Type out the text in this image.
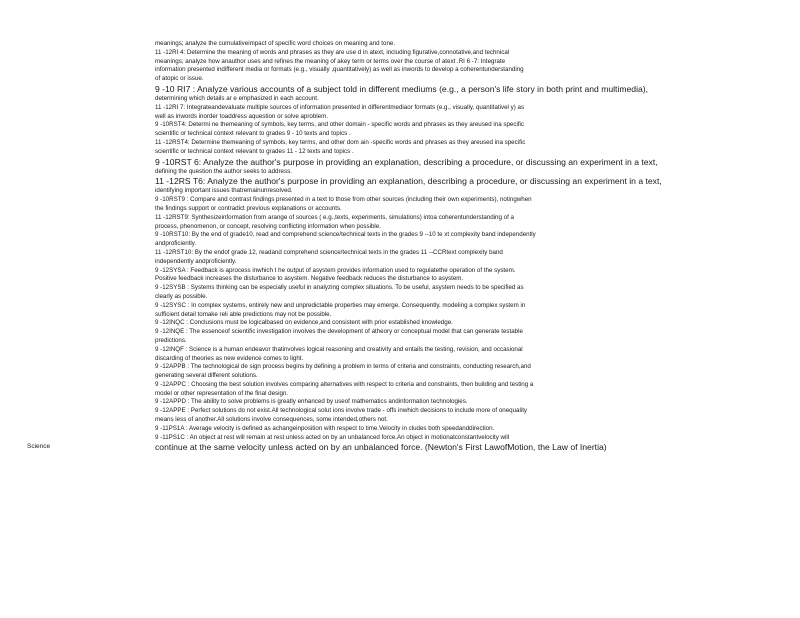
Science
meanings; analyze the cumulativeimpact of specific word choices on meaning and tone.
11 -12RI 4: Determine the meaning of words and phrases as they are use d in atext, including figurative,connotative,and technical
meanings; analyze how anauthor uses and refines the meaning of akey term or terms over the course of atext .RI 6 -7: Integrate
information presented indifferent media or formats (e.g., visually ,quantitatively) as well as inwords to develop a coherentunderstanding
of atopic or issue.
9 -10 RI7 : Analyze various accounts of a subject told in different mediums (e.g., a person's life story in both print and multimedia),
determining which details ar e emphasized in each account.
11 -12RI 7: Integrateandevaluate multiple sources of information presented in differentmediaor formats (e.g., visually, quantitativel y) as
well as inwords inorder toaddress aquestion or solve aproblem.
9 -10RST4: Determi ne themeaning of symbols, key terms, and other domain - specific words and phrases as they areused ina specific
scientific or technical context relevant to grades 9 - 10 texts and topics .
11 -12RST4: Determine themeaning of symbols, key terms, and other dom ain -specific words and phrases as they areused ina specific
scientific or technical context relevant to grades 11 - 12 texts and topics .
9 -10RST 6: Analyze the author's purpose in providing an explanation, describing a procedure, or discussing an experiment in a text,
defining the question the author seeks to address.
11 -12RS T6: Analyze the author's purpose in providing an explanation, describing a procedure, or discussing an experiment in a text,
identifying important issues thatremainunresolved.
9 -10RST9 : Compare and contrast findings presented in a text to those from other sources (including their own experiments), notingwhen
the findings support or contradict previous explanations or accounts.
11 -12RST9: Synthesizeinformation from arange of sources ( e.g.,texts, experiments, simulations) intoa coherentunderstanding of a
process, phenomenon, or concept, resolving conflicting information when possible.
9 -10RST10: By the end of grade10, read and comprehend science/technical texts in the grades 9 --10 te xt complexity band independently
andproficiently.
11 -12RST10: By the endof grade 12, readand comprehend science/technical texts in the grades 11 --CCRtext complexity band
independently andproficiently.
9 -12SYSA : Feedback is aprocess inwhich t he output of asystem provides information used to regulatethe operation of the system.
Positive feedback increases the disturbance to asystem. Negative feedback reduces the disturbance to asystem.
9 -12SYSB : Systems thinking can be especially useful in analyzing complex situations. To be useful, asystem needs to be specified as
clearly as possible.
9 -12SYSC : In complex systems, entirely new and unpredictable properties may emerge. Consequently, modeling a complex system in
sufficient detail tomake reli able predictions may not be possible.
9 -12INQC : Conclusions must be logicalbased on evidence,and consistent with prior established knowledge.
9 -12INQE : The essenceof scientific investigation involves the development of atheory or conceptual model that can generate testable
predictions.
9 -12INQF : Science is a human endeavor thatinvolves logical reasoning and creativity and entails the testing, revision, and occasional
discarding of theories as new evidence comes to light.
9 -12APPB : The technological de sign process begins by defining a problem in terms of criteria and constraints, conducting research,and
generating several different solutions.
9 -12APPC : Choosing the best solution involves comparing alternatives with respect to criteria and constraints, then building and testing a
model or other representation of the final design.
9 -12APPD : The ability to solve problems is greatly enhanced by useof mathematics andinformation technologies.
9 -12APPE : Perfect solutions do not exist.All technological solut ions involve trade - offs inwhich decisions to include more of onequality
means less of another.All solutions involve consequences, some intended,others not.
9 -11PS1A : Average velocity is defined as achangeinposition with respect to time.Velocity in cludes both speedanddirection.
9 -11PS1C : An object at rest will remain at rest unless acted on by an unbalanced force.An object in motionatconstantvelocity will
continue at the same velocity unless acted on by an unbalanced force. (Newton's First LawofMotion, the Law of Inertia)
